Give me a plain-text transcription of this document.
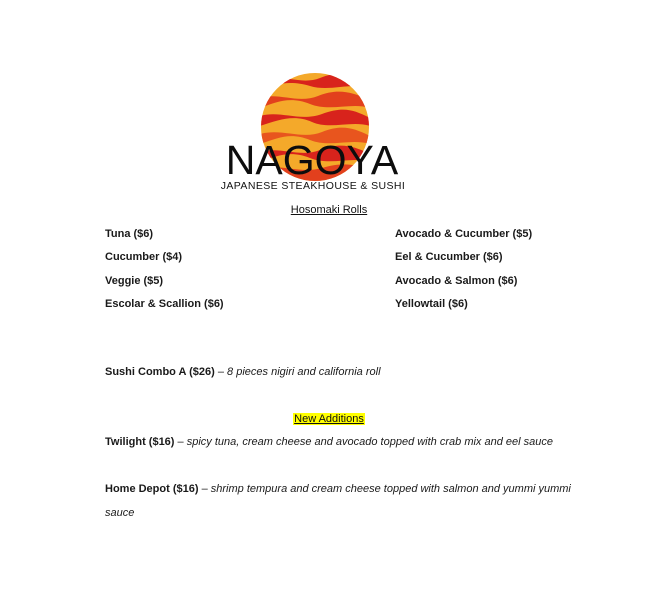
NAGOYA
JAPANESE STEAKHOUSE & SUSHI
Hosomaki Rolls
Tuna ($6)
Cucumber ($4)
Veggie ($5)
Escolar & Scallion ($6)
Avocado & Cucumber ($5)
Eel & Cucumber ($6)
Avocado & Salmon ($6)
Yellowtail ($6)
Sushi Combo A ($26) – 8 pieces nigiri and california roll
New Additions
Twilight ($16) – spicy tuna, cream cheese and avocado topped with crab mix and eel sauce
Home Depot ($16) – shrimp tempura and cream cheese topped with salmon and yummi yummi sauce
